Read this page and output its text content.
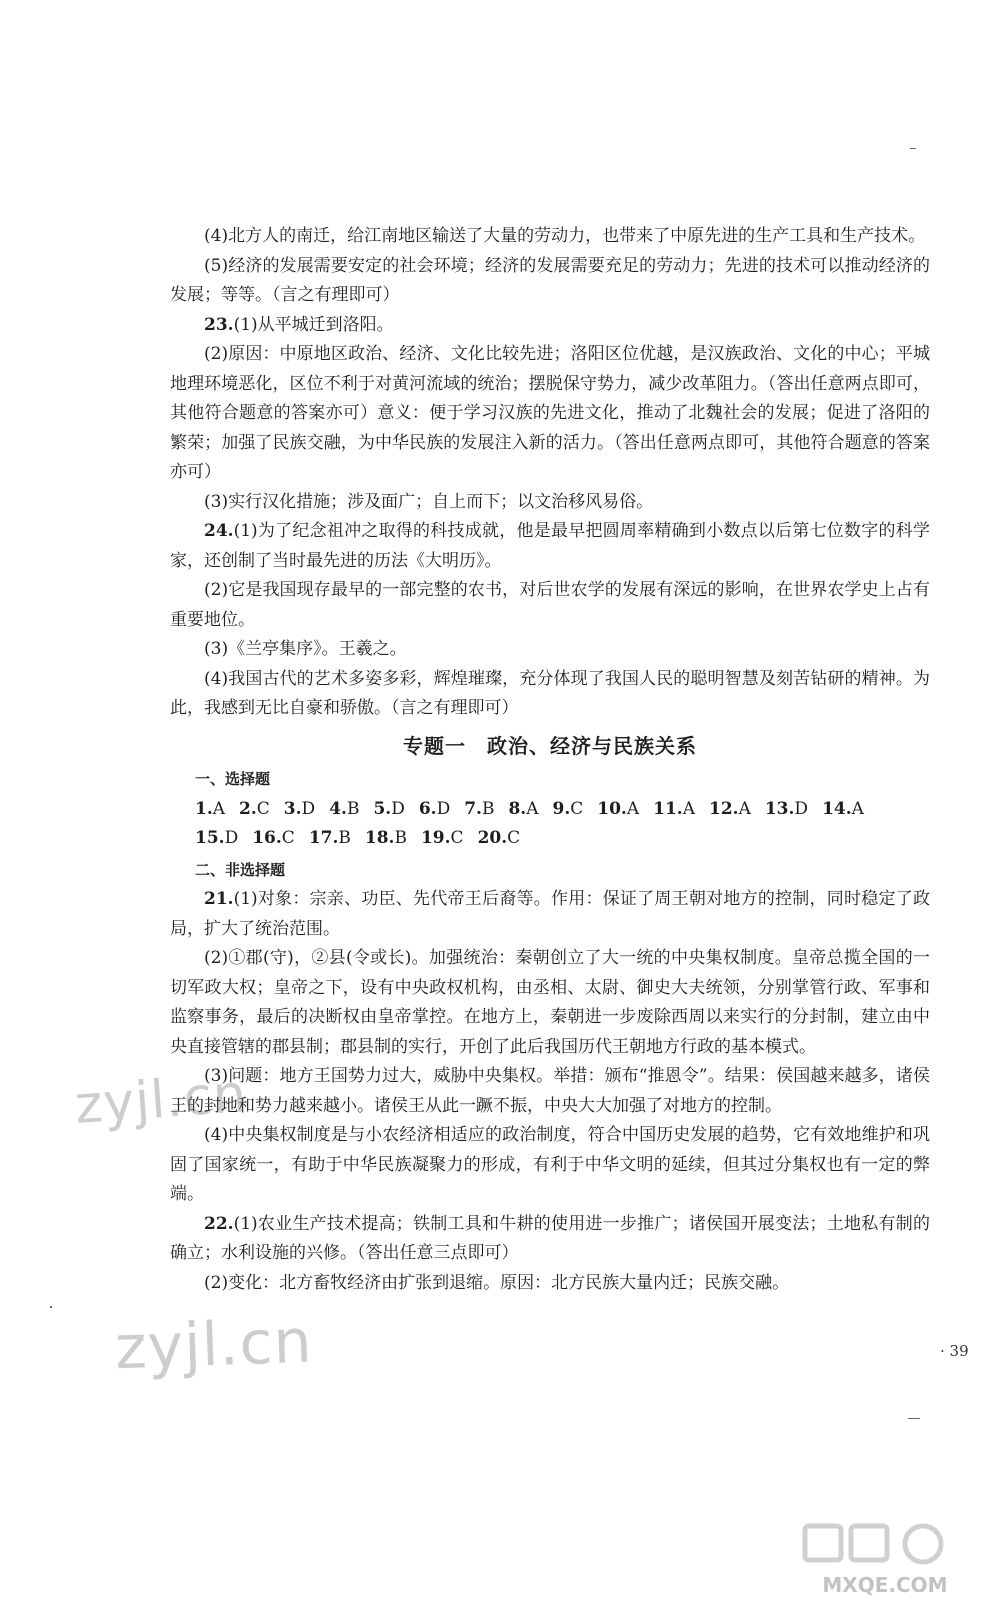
(4)北方人的南迁，给江南地区输送了大量的劳动力，也带来了中原先进的生产工具和生产技术。

(5)经济的发展需要安定的社会环境；经济的发展需要充足的劳动力；先进的技术可以推动经济的发展；等等。（言之有理即可）

23.(1)从平城迁到洛阳。

(2)原因：中原地区政治、经济、文化比较先进；洛阳区位优越，是汉族政治、文化的中心；平城地理环境恶化，区位不利于对黄河流域的统治；摆脱保守势力，减少改革阻力。（答出任意两点即可，其他符合题意的答案亦可）意义：便于学习汉族的先进文化，推动了北魏社会的发展；促进了洛阳的繁荣；加强了民族交融，为中华民族的发展注入新的活力。（答出任意两点即可，其他符合题意的答案亦可）

(3)实行汉化措施；涉及面广；自上而下；以文治移风易俗。

24.(1)为了纪念祖冲之取得的科技成就，他是最早把圆周率精确到小数点以后第七位数字的科学家，还创制了当时最先进的历法《大明历》。

(2)它是我国现存最早的一部完整的农书，对后世农学的发展有深远的影响，在世界农学史上占有重要地位。

(3)《兰亭集序》。王羲之。

(4)我国古代的艺术多姿多彩，辉煌璀璨，充分体现了我国人民的聪明智慧及刻苦钻研的精神。为此，我感到无比自豪和骄傲。（言之有理即可）

专题一　政治、经济与民族关系
一、选择题
1.A 2.C 3.D 4.B 5.D 6.D 7.B 8.A 9.C 10.A 11.A 12.A 13.D 14.A15.D 16.C 17.B 18.B 19.C 20.C
二、非选择题

21.(1)对象：宗亲、功臣、先代帝王后裔等。作用：保证了周王朝对地方的控制，同时稳定了政局，扩大了统治范围。

(2)①郡(守)，②县(令或长)。加强统治：秦朝创立了大一统的中央集权制度。皇帝总揽全国的一切军政大权；皇帝之下，设有中央政权机构，由丞相、太尉、御史大夫统领，分别掌管行政、军事和监察事务，最后的决断权由皇帝掌控。在地方上，秦朝进一步废除西周以来实行的分封制，建立由中央直接管辖的郡县制；郡县制的实行，开创了此后我国历代王朝地方行政的基本模式。

(3)问题：地方王国势力过大，威胁中央集权。举措：颁布“推恩令”。结果：侯国越来越多，诸侯王的封地和势力越来越小。诸侯王从此一蹶不振，中央大大加强了对地方的控制。

(4)中央集权制度是与小农经济相适应的政治制度，符合中国历史发展的趋势，它有效地维护和巩固了国家统一，有助于中华民族凝聚力的形成，有利于中华文明的延续，但其过分集权也有一定的弊端。

22.(1)农业生产技术提高；铁制工具和牛耕的使用进一步推广；诸侯国开展变法；土地私有制的确立；水利设施的兴修。（答出任意三点即可）

(2)变化：北方畜牧经济由扩张到退缩。原因：北方民族大量内迁；民族交融。

· 39
zyjl.cn
zyjl.cn
MXQE.COM
